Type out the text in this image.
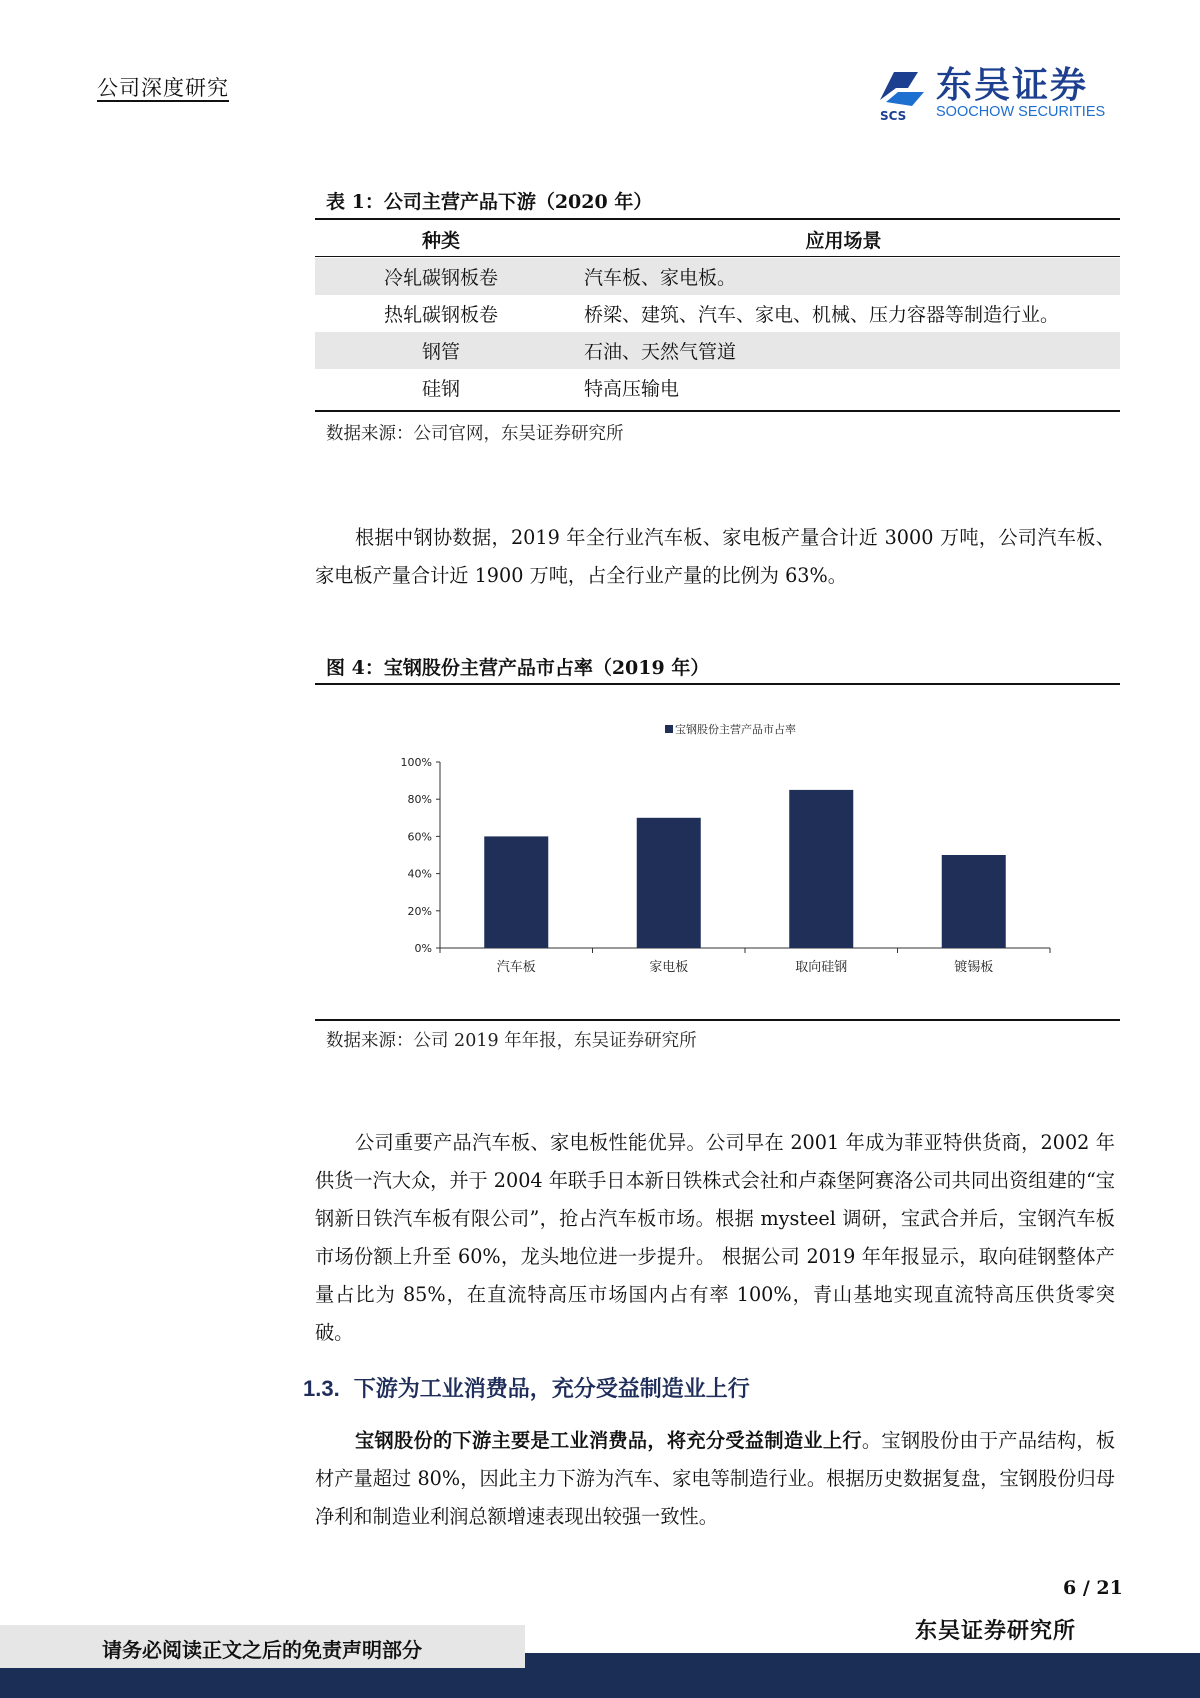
公司深度研究
SCS
东吴证券
SOOCHOW SECURITIES
表 1：公司主营产品下游（2020 年）
种类	应用场景
冷轧碳钢板卷	汽车板、家电板。
热轧碳钢板卷	桥梁、建筑、汽车、家电、机械、压力容器等制造行业。
钢管	石油、天然气管道
硅钢	特高压输电
数据来源：公司官网，东吴证券研究所

根据中钢协数据，2019 年全行业汽车板、家电板产量合计近 3000 万吨，公司汽车板、家电板产量合计近 1900 万吨，占全行业产量的比例为 63%。

图 4：宝钢股份主营产品市占率（2019 年）
宝钢股份主营产品市占率
0%
20%
40%
60%
80%
100%
汽车板	家电板	取向硅钢	镀锡板
数据来源：公司 2019 年年报，东吴证券研究所

公司重要产品汽车板、家电板性能优异。公司早在 2001 年成为菲亚特供货商，2002 年供货一汽大众，并于 2004 年联手日本新日铁株式会社和卢森堡阿赛洛公司共同出资组建的“宝钢新日铁汽车板有限公司”，抢占汽车板市场。根据 mysteel 调研，宝武合并后，宝钢汽车板市场份额上升至 60%，龙头地位进一步提升。 根据公司 2019 年年报显示，取向硅钢整体产量占比为 85%，在直流特高压市场国内占有率 100%，青山基地实现直流特高压供货零突破。

1.3. 下游为工业消费品，充分受益制造业上行

宝钢股份的下游主要是工业消费品，将充分受益制造业上行。宝钢股份由于产品结构，板材产量超过 80%，因此主力下游为汽车、家电等制造行业。根据历史数据复盘，宝钢股份归母净利和制造业利润总额增速表现出较强一致性。

6 / 21
东吴证券研究所
请务必阅读正文之后的免责声明部分
